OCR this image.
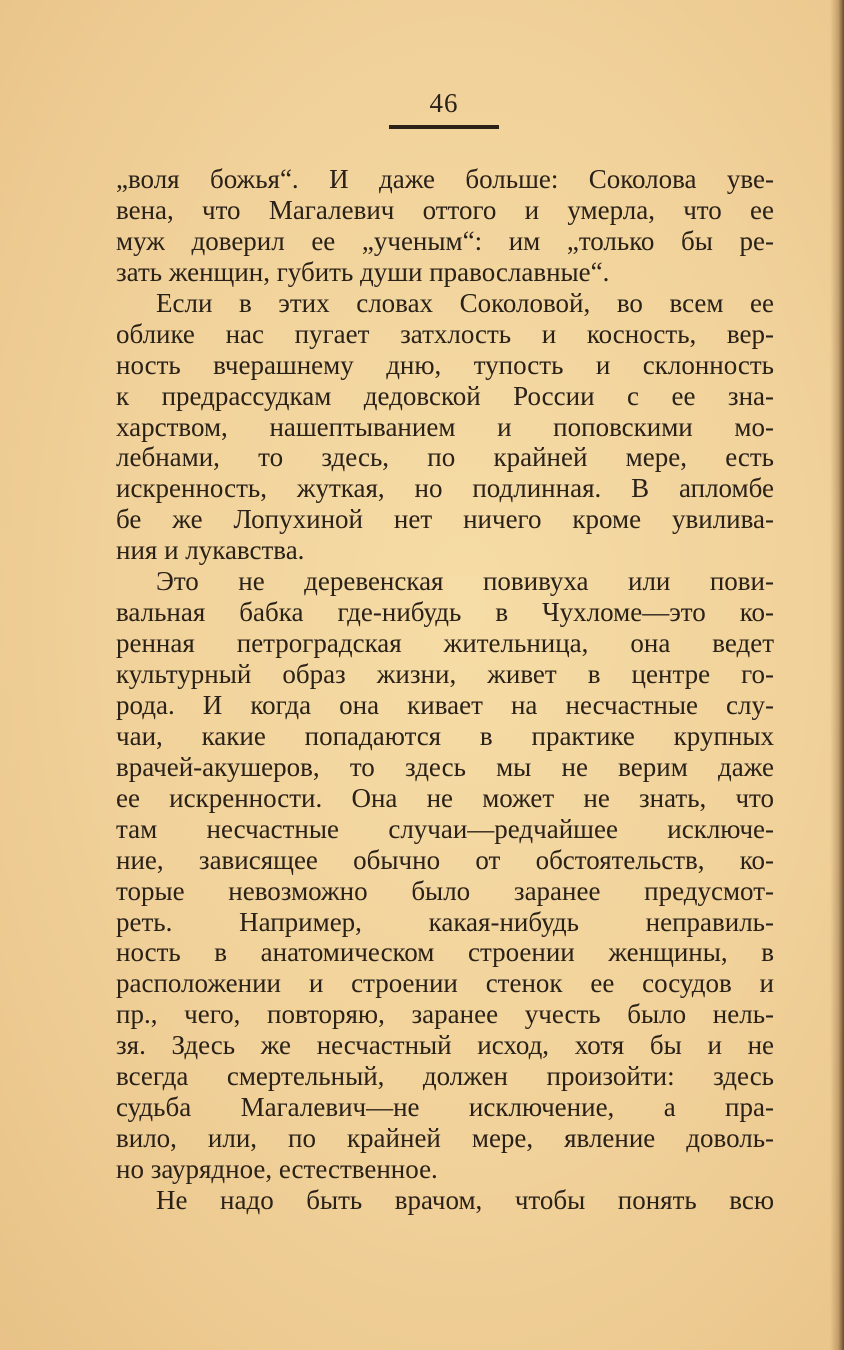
46
„воля божья“. И даже больше: Соколова уве-
вена, что Магалевич оттого и умерла, что ее
муж доверил ее „ученым“: им „только бы ре-
зать женщин, губить души православные“.
Если в этих словах Соколовой, во всем ее
облике нас пугает затхлость и косность, вер-
ность вчерашнему дню, тупость и склонность
к предрассудкам дедовской России с ее зна-
харством, нашептыванием и поповскими мо-
лебнами, то здесь, по крайней мере, есть
искренность, жуткая, но подлинная. В апломбе
бе же Лопухиной нет ничего кроме увилива-
ния и лукавства.
Это не деревенская повивуха или пови-
вальная бабка где-нибудь в Чухломе—это ко-
ренная петроградская жительница, она ведет
культурный образ жизни, живет в центре го-
рода. И когда она кивает на несчастные слу-
чаи, какие попадаются в практике крупных
врачей-акушеров, то здесь мы не верим даже
ее искренности. Она не может не знать, что
там несчастные случаи—редчайшее исключе-
ние, зависящее обычно от обстоятельств, ко-
торые невозможно было заранее предусмот-
реть. Например, какая-нибудь неправиль-
ность в анатомическом строении женщины, в
расположении и строении стенок ее сосудов и
пр., чего, повторяю, заранее учесть было нель-
зя. Здесь же несчастный исход, хотя бы и не
всегда смертельный, должен произойти: здесь
судьба Магалевич—не исключение, а пра-
вило, или, по крайней мере, явление доволь-
но заурядное, естественное.
Не надо быть врачом, чтобы понять всю
